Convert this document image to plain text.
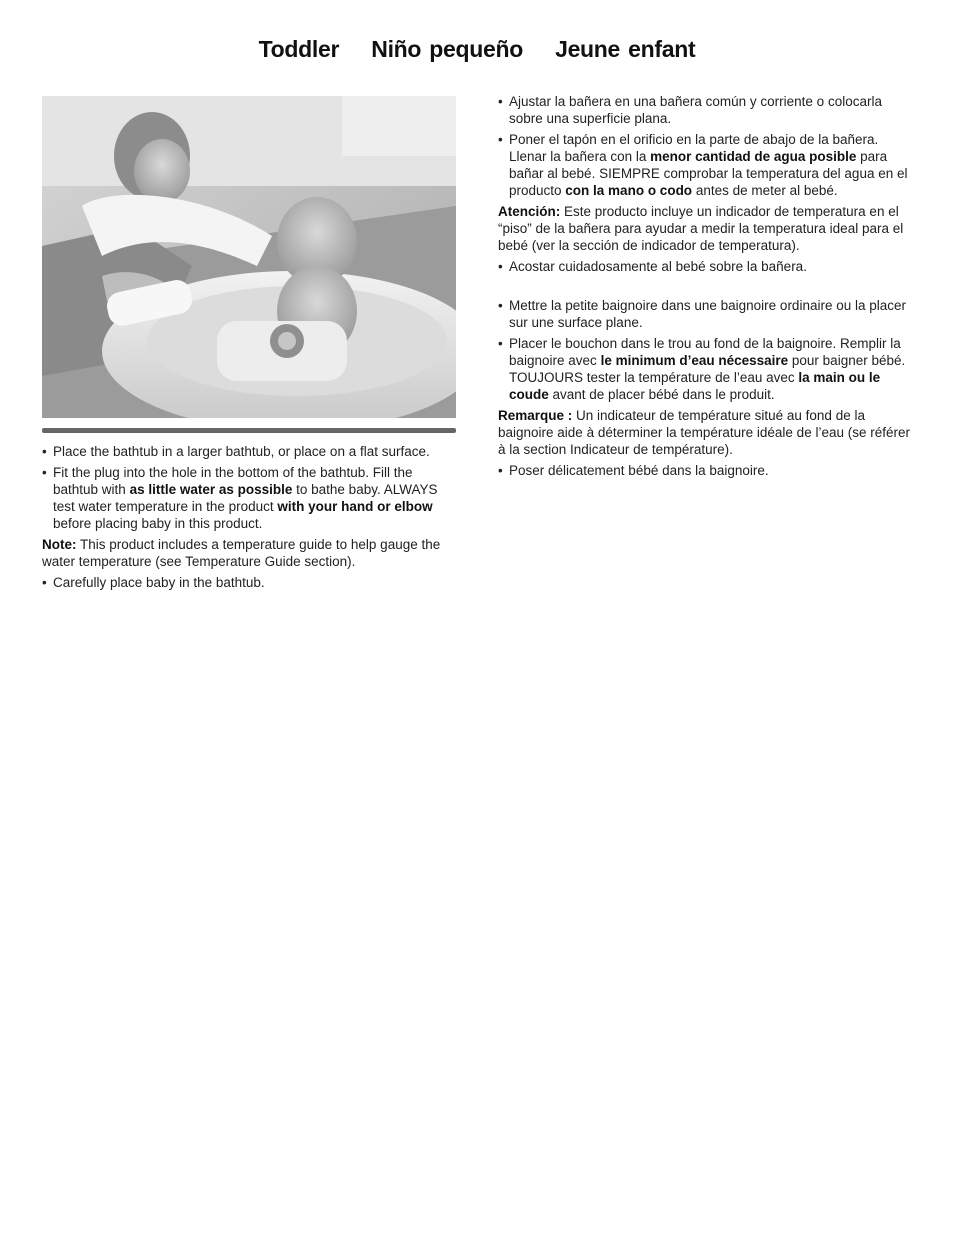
Toddler Niño pequeño Jeune enfant
• Place the bathtub in a larger bathtub, or place on a flat surface.
• Fit the plug into the hole in the bottom of the bathtub. Fill the bathtub with as little water as possible to bathe baby. ALWAYS test water temperature in the product with your hand or elbow before placing baby in this product.
Note: This product includes a temperature guide to help gauge the water temperature (see Temperature Guide section).
• Carefully place baby in the bathtub.
• Ajustar la bañera en una bañera común y corriente o colocarla sobre una superficie plana.
• Poner el tapón en el orificio en la parte de abajo de la bañera. Llenar la bañera con la menor cantidad de agua posible para bañar al bebé. SIEMPRE comprobar la temperatura del agua en el producto con la mano o codo antes de meter al bebé.
Atención: Este producto incluye un indicador de temperatura en el “piso” de la bañera para ayudar a medir la temperatura ideal para el bebé (ver la sección de indicador de temperatura).
• Acostar cuidadosamente al bebé sobre la bañera.
• Mettre la petite baignoire dans une baignoire ordinaire ou la placer sur une surface plane.
• Placer le bouchon dans le trou au fond de la baignoire. Remplir la baignoire avec le minimum d’eau nécessaire pour baigner bébé. TOUJOURS tester la température de l’eau avec la main ou le coude avant de placer bébé dans le produit.
Remarque : Un indicateur de température situé au fond de la baignoire aide à déterminer la température idéale de l’eau (se référer à la section Indicateur de température).
• Poser délicatement bébé dans la baignoire.
